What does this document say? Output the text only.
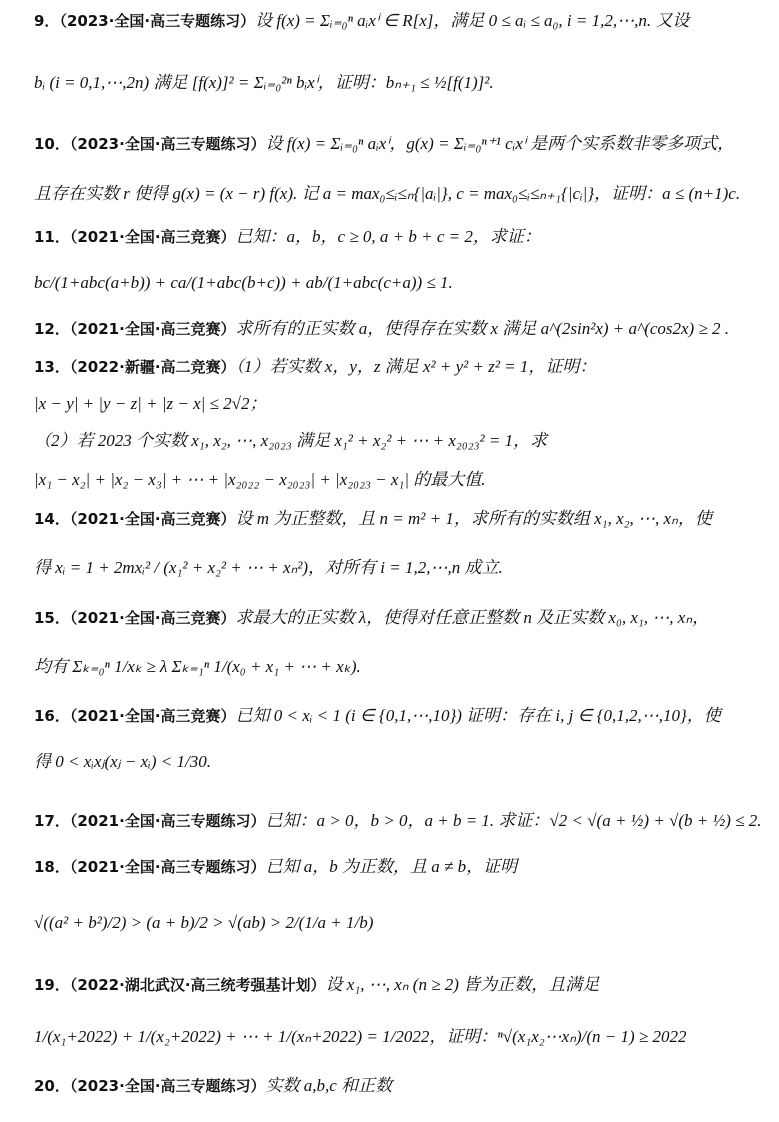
9．（2023·全国·高三专题练习）设 f(x) = Σᵢ₌₀ⁿ aᵢxⁱ ∈ R[x]，满足 0 ≤ aᵢ ≤ a₀, i = 1,2,⋯,n. 又设
bᵢ (i = 0,1,⋯,2n) 满足 [f(x)]² = Σᵢ₌₀²ⁿ bᵢxⁱ，证明：bₙ₊₁ ≤ ½[f(1)]².
10．（2023·全国·高三专题练习）设 f(x) = Σᵢ₌₀ⁿ aᵢxⁱ，g(x) = Σᵢ₌₀ⁿ⁺¹ cᵢxⁱ 是两个实系数非零多项式，
且存在实数 r 使得 g(x) = (x − r) f(x). 记 a = max₀≤ᵢ≤ₙ{|aᵢ|}, c = max₀≤ᵢ≤ₙ₊₁{|cᵢ|}，证明：a ≤ (n+1)c.
11．（2021·全国·高三竞赛）已知：a，b，c ≥ 0, a + b + c = 2，求证：
bc/(1+abc(a+b)) + ca/(1+abc(b+c)) + ab/(1+abc(c+a)) ≤ 1.
12．（2021·全国·高三竞赛）求所有的正实数 a，使得存在实数 x 满足 a^(2sin²x) + a^(cos2x) ≥ 2 .
13．（2022·新疆·高二竞赛）（1）若实数 x，y，z 满足 x² + y² + z² = 1，证明：
|x − y| + |y − z| + |z − x| ≤ 2√2；
（2）若 2023 个实数 x₁, x₂, ⋯, x₂₀₂₃ 满足 x₁² + x₂² + ⋯ + x₂₀₂₃² = 1，求
|x₁ − x₂| + |x₂ − x₃| + ⋯ + |x₂₀₂₂ − x₂₀₂₃| + |x₂₀₂₃ − x₁| 的最大值.
14．（2021·全国·高三竞赛）设 m 为正整数，且 n = m² + 1，求所有的实数组 x₁, x₂, ⋯, xₙ，使
得 xᵢ = 1 + 2mxᵢ² / (x₁² + x₂² + ⋯ + xₙ²)，对所有 i = 1,2,⋯,n 成立.
15．（2021·全国·高三竞赛）求最大的正实数 λ，使得对任意正整数 n 及正实数 x₀, x₁, ⋯, xₙ，
均有 Σₖ₌₀ⁿ 1/xₖ ≥ λ Σₖ₌₁ⁿ 1/(x₀ + x₁ + ⋯ + xₖ).
16．（2021·全国·高三竞赛）已知 0 < xᵢ < 1 (i ∈ {0,1,⋯,10}) 证明：存在 i, j ∈ {0,1,2,⋯,10}，使
得 0 < xᵢxⱼ(xⱼ − xᵢ) < 1/30.
17．（2021·全国·高三专题练习）已知：a > 0，b > 0，a + b = 1. 求证：√2 < √(a + ½) + √(b + ½) ≤ 2.
18．（2021·全国·高三专题练习）已知 a，b 为正数，且 a ≠ b，证明
√((a² + b²)/2) > (a + b)/2 > √(ab) > 2/(1/a + 1/b)
19．（2022·湖北武汉·高三统考强基计划）设 x₁, ⋯, xₙ (n ≥ 2) 皆为正数，且满足
1/(x₁+2022) + 1/(x₂+2022) + ⋯ + 1/(xₙ+2022) = 1/2022，证明：ⁿ√(x₁x₂⋯xₙ)/(n − 1) ≥ 2022
20．（2023·全国·高三专题练习）实数 a,b,c 和正数
